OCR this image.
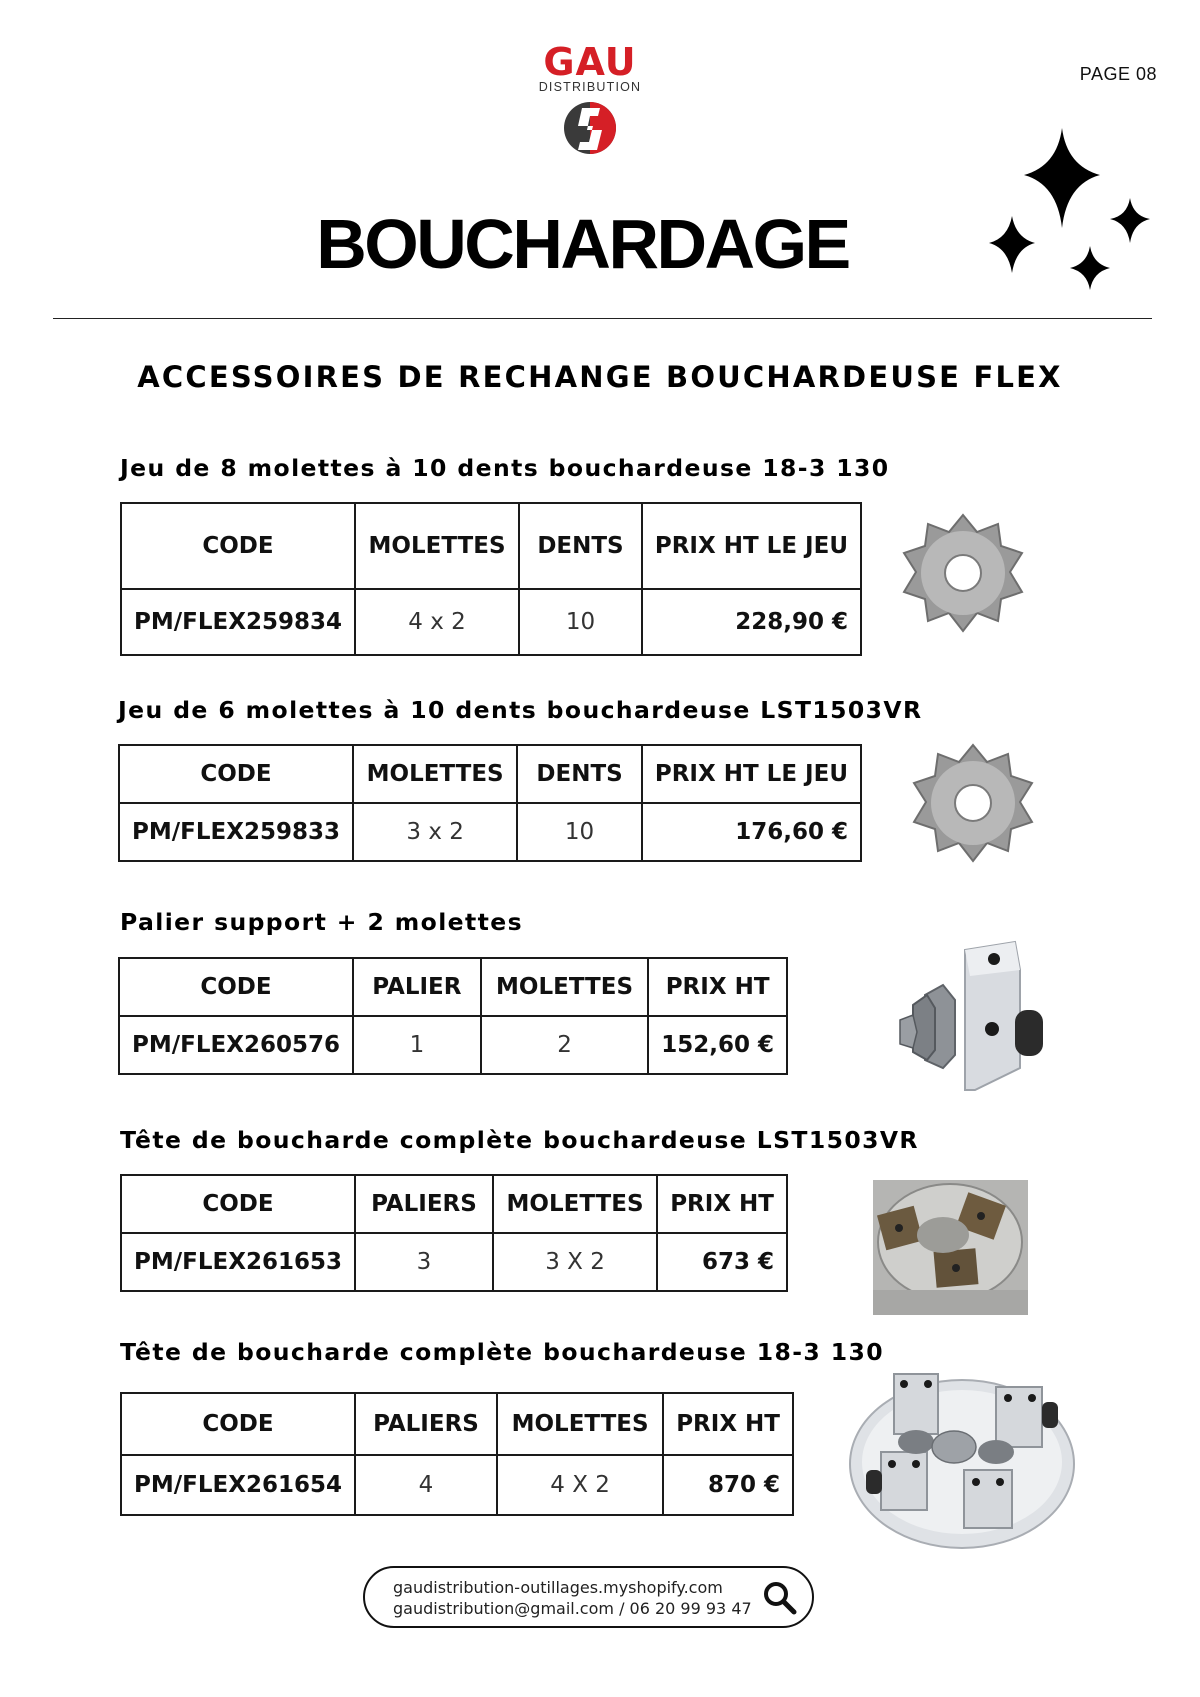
GAU
DISTRIBUTION
PAGE 08
BOUCHARDAGE
ACCESSOIRES DE RECHANGE BOUCHARDEUSE FLEX
Jeu de 8 molettes à 10 dents bouchardeuse 18-3 130
CODE	MOLETTES	DENTS	PRIX HT LE JEU
PM/FLEX259834	4 x 2	10	228,90 €
Jeu de 6 molettes à 10 dents bouchardeuse LST1503VR
CODE	MOLETTES	DENTS	PRIX HT LE JEU
PM/FLEX259833	3 x 2	10	176,60 €
Palier support + 2 molettes
CODE	PALIER	MOLETTES	PRIX HT
PM/FLEX260576	1	2	152,60 €
Tête de boucharde complète bouchardeuse LST1503VR
CODE	PALIERS	MOLETTES	PRIX HT
PM/FLEX261653	3	3 X 2	673 €
Tête de boucharde complète bouchardeuse 18-3 130
CODE	PALIERS	MOLETTES	PRIX HT
PM/FLEX261654	4	4 X 2	870 €
gaudistribution-outillages.myshopify.com
gaudistribution@gmail.com / 06 20 99 93 47
